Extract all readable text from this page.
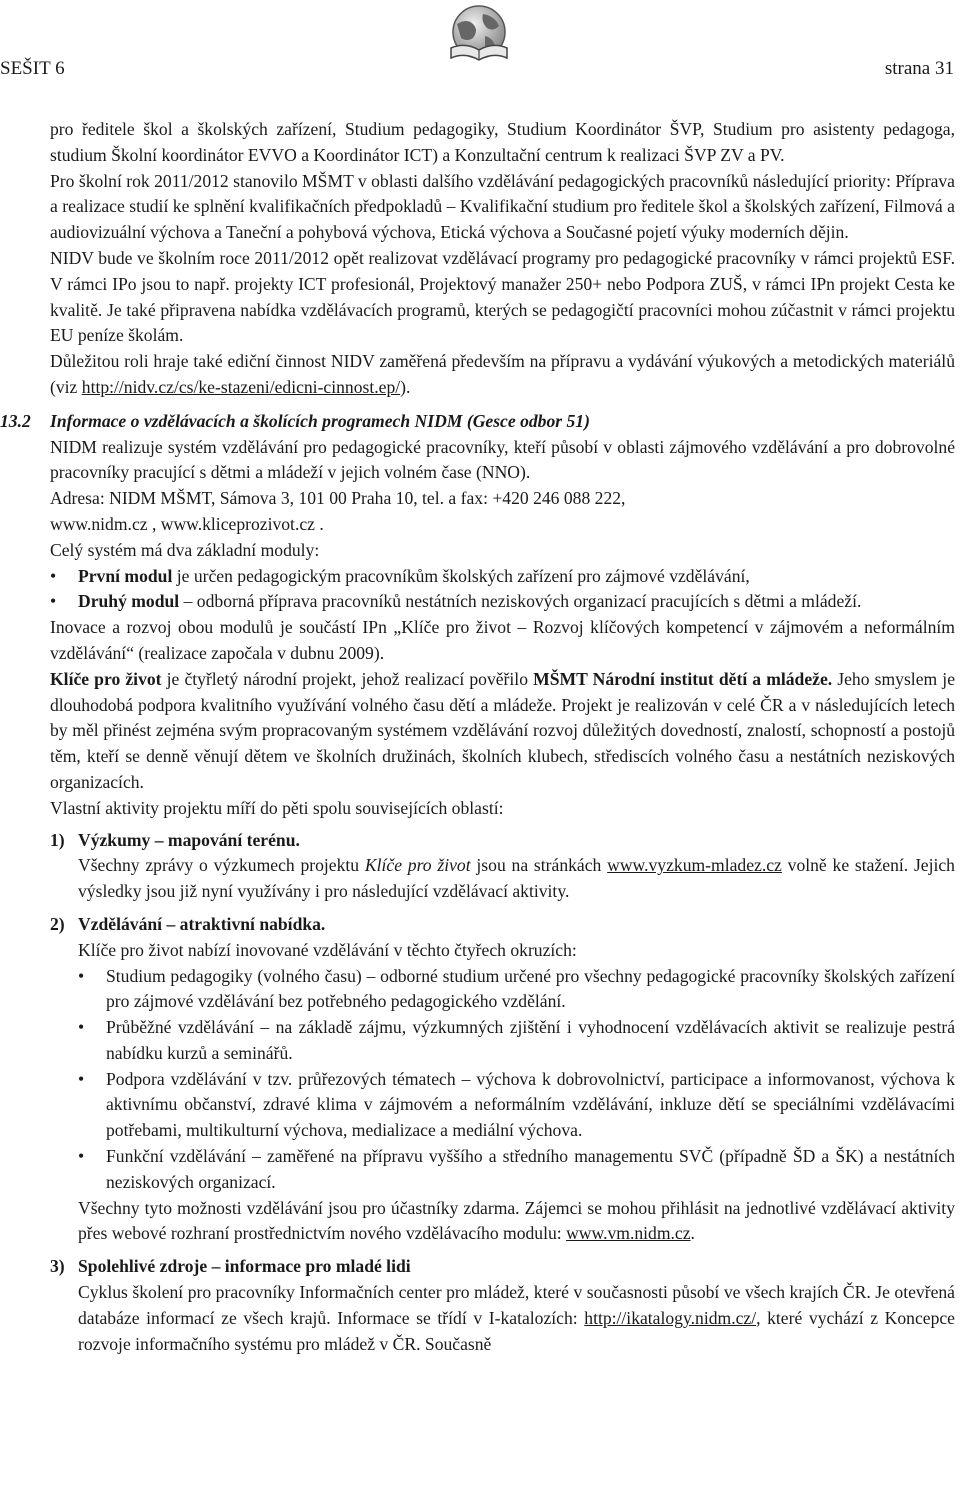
SEŠIT 6	strana 31

pro ředitele škol a školských zařízení, Studium pedagogiky, Studium Koordinátor ŠVP, Studium pro asistenty pedagoga, studium Školní koordinátor EVVO a Koordinátor ICT) a Konzultační centrum k realizaci ŠVP ZV a PV.

Pro školní rok 2011/2012 stanovilo MŠMT v oblasti dalšího vzdělávání pedagogických pracovníků následující priority: Příprava a realizace studií ke splnění kvalifikačních předpokladů – Kvalifikační studium pro ředitele škol a školských zařízení, Filmová a audiovizuální výchova a Taneční a pohybová výchova, Etická výchova a Současné pojetí výuky moderních dějin.

NIDV bude ve školním roce 2011/2012 opět realizovat vzdělávací programy pro pedagogické pracovníky v rámci projektů ESF. V rámci IPo jsou to např. projekty ICT profesionál, Projektový manažer 250+ nebo Podpora ZUŠ, v rámci IPn projekt Cesta ke kvalitě. Je také připravena nabídka vzdělávacích programů, kterých se pedagogičtí pracovníci mohou zúčastnit v rámci projektu EU peníze školám.

Důležitou roli hraje také ediční činnost NIDV zaměřená především na přípravu a vydávání výukových a metodických materiálů (viz http://nidv.cz/cs/ke-stazeni/edicni-cinnost.ep/).

13.2 Informace o vzdělávacích a školících programech NIDM (Gesce odbor 51)

NIDM realizuje systém vzdělávání pro pedagogické pracovníky, kteří působí v oblasti zájmového vzdělávání a pro dobrovolné pracovníky pracující s dětmi a mládeží v jejich volném čase (NNO).

Adresa: NIDM MŠMT, Sámova 3, 101 00 Praha 10, tel. a fax: +420 246 088 222,

www.nidm.cz , www.kliceprozivot.cz .

Celý systém má dva základní moduly:

• První modul je určen pedagogickým pracovníkům školských zařízení pro zájmové vzdělávání,
• Druhý modul – odborná příprava pracovníků nestátních neziskových organizací pracujících s dětmi a mládeží.

Inovace a rozvoj obou modulů je součástí IPn „Klíče pro život – Rozvoj klíčových kompetencí v zájmovém a neformálním vzdělávání“ (realizace započala v dubnu 2009).

Klíče pro život je čtyřletý národní projekt, jehož realizací pověřilo MŠMT Národní institut dětí a mládeže. Jeho smyslem je dlouhodobá podpora kvalitního využívání volného času dětí a mládeže. Projekt je realizován v celé ČR a v následujících letech by měl přinést zejména svým propracovaným systémem vzdělávání rozvoj důležitých dovedností, znalostí, schopností a postojů těm, kteří se denně věnují dětem ve školních družinách, školních klubech, střediscích volného času a nestátních neziskových organizacích.

Vlastní aktivity projektu míří do pěti spolu souvisejících oblastí:

1) Výzkumy – mapování terénu.

Všechny zprávy o výzkumech projektu Klíče pro život jsou na stránkách www.vyzkum-mladez.cz volně ke stažení. Jejich výsledky jsou již nyní využívány i pro následující vzdělávací aktivity.

2) Vzdělávání – atraktivní nabídka.

Klíče pro život nabízí inovované vzdělávání v těchto čtyřech okruzích:

• Studium pedagogiky (volného času) – odborné studium určené pro všechny pedagogické pracovníky školských zařízení pro zájmové vzdělávání bez potřebného pedagogického vzdělání.
• Průběžné vzdělávání – na základě zájmu, výzkumných zjištění i vyhodnocení vzdělávacích aktivit se realizuje pestrá nabídku kurzů a seminářů.
• Podpora vzdělávání v tzv. průřezových tématech – výchova k dobrovolnictví, participace a informovanost, výchova k aktivnímu občanství, zdravé klima v zájmovém a neformálním vzdělávání, inkluze dětí se speciálními vzdělávacími potřebami, multikulturní výchova, medializace a mediální výchova.
• Funkční vzdělávání – zaměřené na přípravu vyššího a středního managementu SVČ (případně ŠD a ŠK) a nestátních neziskových organizací.

Všechny tyto možnosti vzdělávání jsou pro účastníky zdarma. Zájemci se mohou přihlásit na jednotlivé vzdělávací aktivity přes webové rozhraní prostřednictvím nového vzdělávacího modulu: www.vm.nidm.cz.

3) Spolehlivé zdroje – informace pro mladé lidi

Cyklus školení pro pracovníky Informačních center pro mládež, které v současnosti působí ve všech krajích ČR. Je otevřená databáze informací ze všech krajů. Informace se třídí v I-katalozích: http://ikatalogy.nidm.cz/, které vychází z Koncepce rozvoje informačního systému pro mládež v ČR. Současně
